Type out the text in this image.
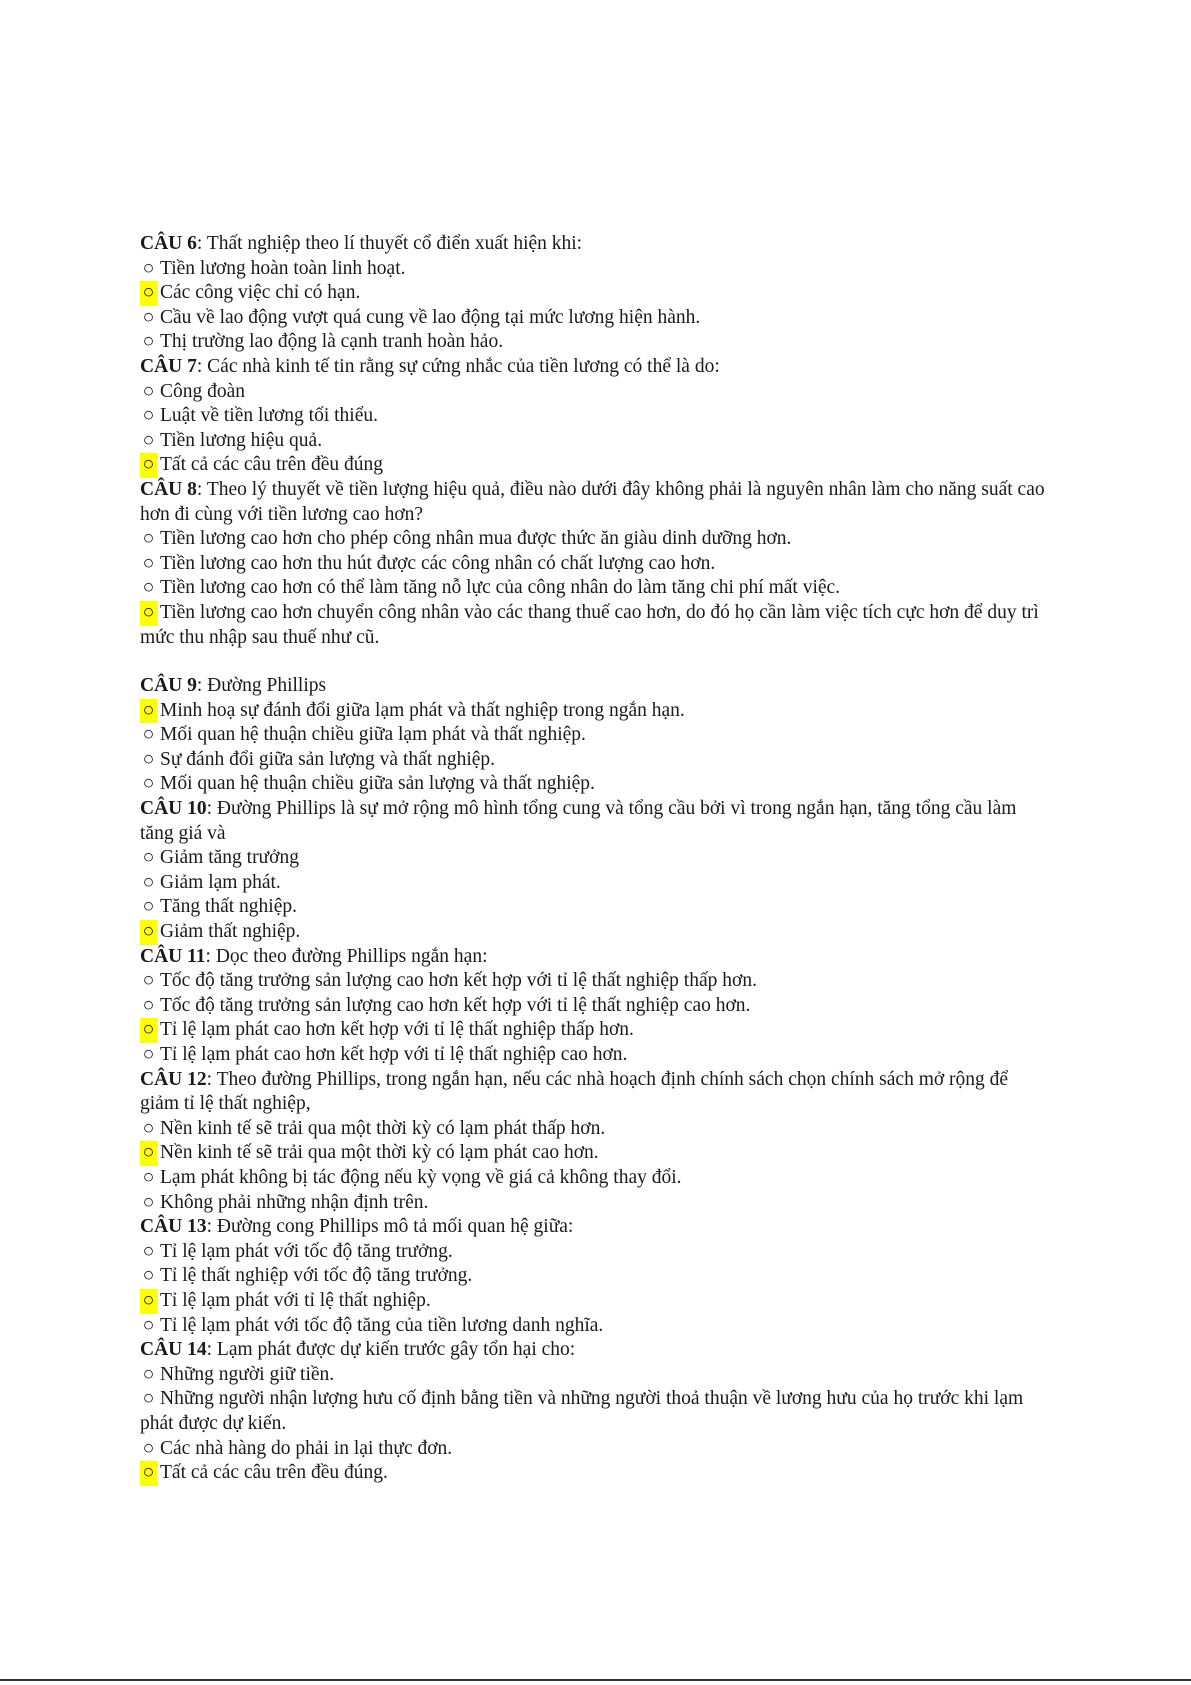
CÂU 6: Thất nghiệp theo lí thuyết cổ điển xuất hiện khi:

○ Tiền lương hoàn toàn linh hoạt.

○ Các công việc chỉ có hạn.

○ Cầu về lao động vượt quá cung về lao động tại mức lương hiện hành.

○ Thị trường lao động là cạnh tranh hoàn hảo.

CÂU 7: Các nhà kinh tế tin rằng sự cứng nhắc của tiền lương có thể là do:

○ Công đoàn

○ Luật về tiền lương tối thiểu.

○ Tiền lương hiệu quả.

○ Tất cả các câu trên đều đúng

CÂU 8: Theo lý thuyết về tiền lượng hiệu quả, điều nào dưới đây không phải là nguyên nhân làm cho năng suất cao hơn đi cùng với tiền lương cao hơn?

○ Tiền lương cao hơn cho phép công nhân mua được thức ăn giàu dinh dưỡng hơn.

○ Tiền lương cao hơn thu hút được các công nhân có chất lượng cao hơn.

○ Tiền lương cao hơn có thể làm tăng nỗ lực của công nhân do làm tăng chi phí mất việc.

○ Tiền lương cao hơn chuyển công nhân vào các thang thuế cao hơn, do đó họ cần làm việc tích cực hơn để duy trì mức thu nhập sau thuế như cũ.

CÂU 9: Đường Phillips

○ Minh hoạ sự đánh đổi giữa lạm phát và thất nghiệp trong ngắn hạn.

○ Mối quan hệ thuận chiều giữa lạm phát và thất nghiệp.

○ Sự đánh đổi giữa sản lượng và thất nghiệp.

○ Mối quan hệ thuận chiều giữa sản lượng và thất nghiệp.

CÂU 10: Đường Phillips là sự mở rộng mô hình tổng cung và tổng cầu bởi vì trong ngắn hạn, tăng tổng cầu làm tăng giá và

○ Giảm tăng trưởng

○ Giảm lạm phát.

○ Tăng thất nghiệp.

○ Giảm thất nghiệp.

CÂU 11: Dọc theo đường Phillips ngắn hạn:

○ Tốc độ tăng trưởng sản lượng cao hơn kết hợp với tỉ lệ thất nghiệp thấp hơn.

○ Tốc độ tăng trưởng sản lượng cao hơn kết hợp với tỉ lệ thất nghiệp cao hơn.

○ Tỉ lệ lạm phát cao hơn kết hợp với tỉ lệ thất nghiệp thấp hơn.

○ Tỉ lệ lạm phát cao hơn kết hợp với tỉ lệ thất nghiệp cao hơn.

CÂU 12: Theo đường Phillips, trong ngắn hạn, nếu các nhà hoạch định chính sách chọn chính sách mở rộng để giảm tỉ lệ thất nghiệp,

○ Nền kinh tế sẽ trải qua một thời kỳ có lạm phát thấp hơn.

○ Nền kinh tế sẽ trải qua một thời kỳ có lạm phát cao hơn.

○ Lạm phát không bị tác động nếu kỳ vọng về giá cả không thay đổi.

○ Không phải những nhận định trên.

CÂU 13: Đường cong Phillips mô tả mối quan hệ giữa:

○ Tỉ lệ lạm phát với tốc độ tăng trưởng.

○ Tỉ lệ thất nghiệp với tốc độ tăng trưởng.

○ Tỉ lệ lạm phát với tỉ lệ thất nghiệp.

○ Tỉ lệ lạm phát với tốc độ tăng của tiền lương danh nghĩa.

CÂU 14: Lạm phát được dự kiến trước gây tổn hại cho:

○ Những người giữ tiền.

○ Những người nhận lượng hưu cố định bằng tiền và những người thoả thuận về lương hưu của họ trước khi lạm phát được dự kiến.

○ Các nhà hàng do phải in lại thực đơn.

○ Tất cả các câu trên đều đúng.
